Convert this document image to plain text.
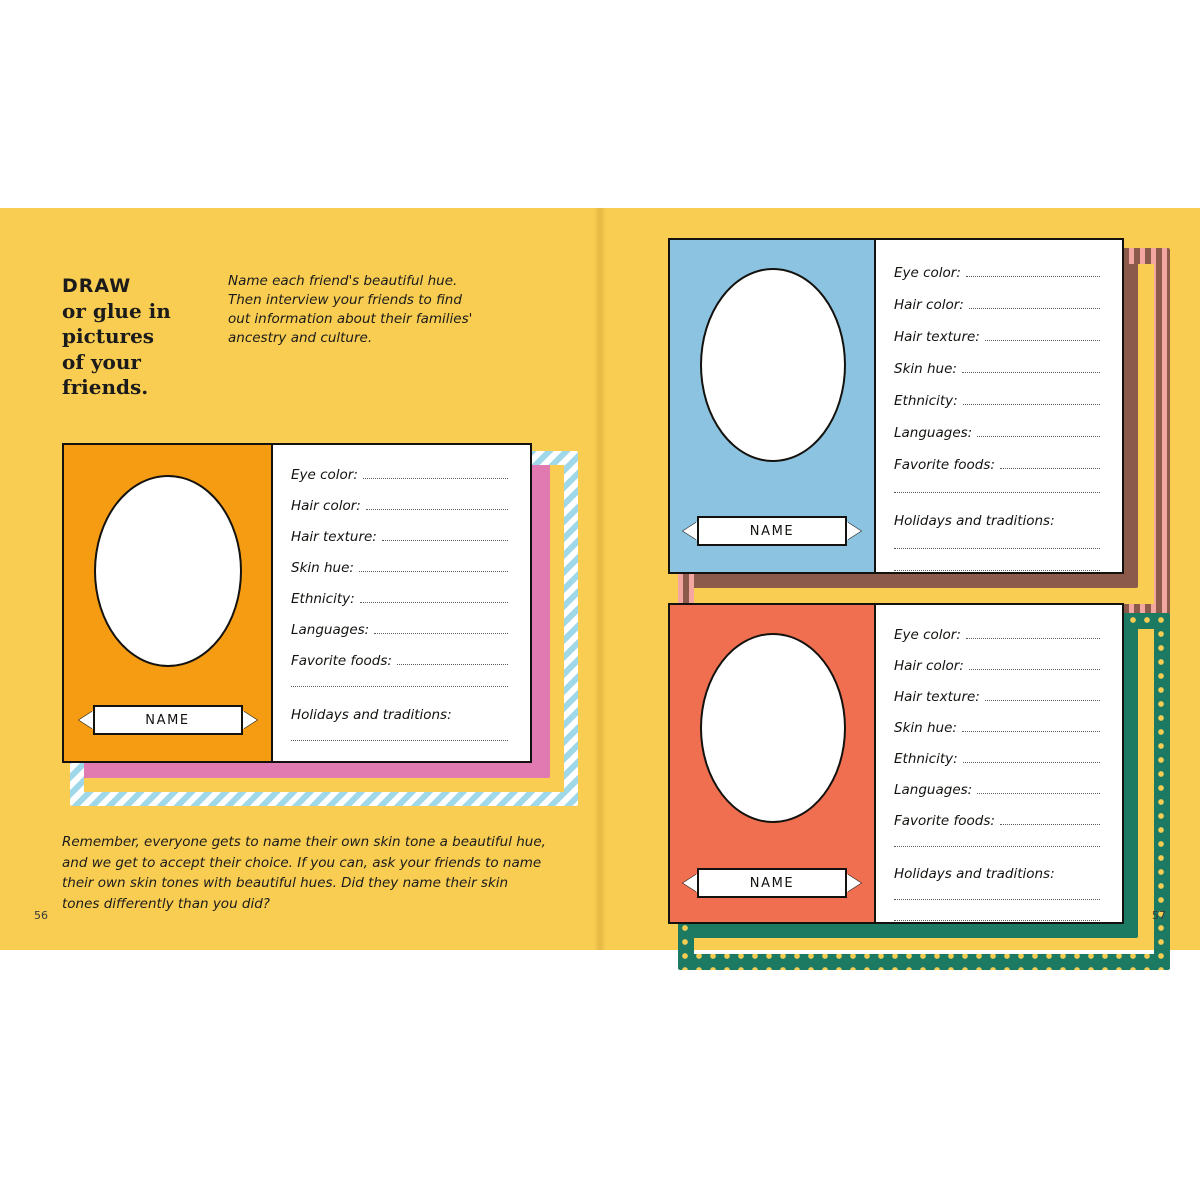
DRAW
or glue in
pictures
of your
friends.
Name each friend's beautiful hue. Then interview your friends to find out information about their families' ancestry and culture.
NAME
Eye color:
Hair color:
Hair texture:
Skin hue:
Ethnicity:
Languages:
Favorite foods:
Holidays and traditions:
Remember, everyone gets to name their own skin tone a beautiful hue, and we get to accept their choice. If you can, ask your friends to name their own skin tones with beautiful hues. Did they name their skin tones differently than you did?
56
NAME
Eye color:
Hair color:
Hair texture:
Skin hue:
Ethnicity:
Languages:
Favorite foods:
Holidays and traditions:
NAME
Eye color:
Hair color:
Hair texture:
Skin hue:
Ethnicity:
Languages:
Favorite foods:
Holidays and traditions:
57
